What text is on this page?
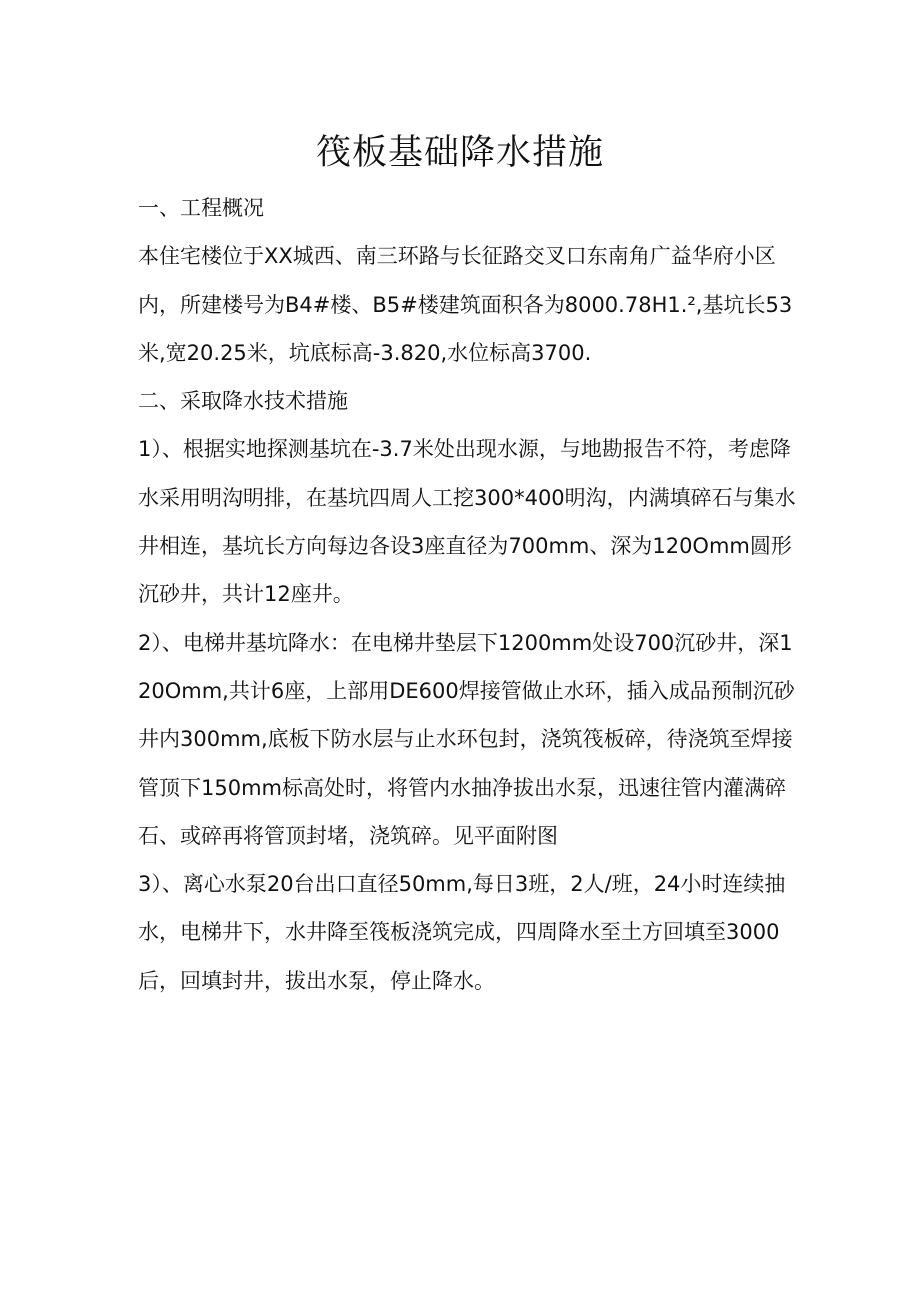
筏板基础降水措施

一、工程概况

本住宅楼位于XX城西、南三环路与长征路交叉口东南角广益华府小区内，所建楼号为B4#楼、B5#楼建筑面积各为8000.78H1.²,基坑长53米,宽20.25米，坑底标高-3.820,水位标高3700.

二、采取降水技术措施

1）、根据实地探测基坑在-3.7米处出现水源，与地勘报告不符，考虑降水采用明沟明排，在基坑四周人工挖300*400明沟，内满填碎石与集水井相连，基坑长方向每边各设3座直径为700mm、深为120Omm圆形沉砂井，共计12座井。

2）、电梯井基坑降水：在电梯井垫层下1200mm处设700沉砂井，深120Omm,共计6座，上部用DE600焊接管做止水环，插入成品预制沉砂井内300mm,底板下防水层与止水环包封，浇筑筏板碎，待浇筑至焊接管顶下150mm标高处时，将管内水抽净拔出水泵，迅速往管内灌满碎石、或碎再将管顶封堵，浇筑碎。见平面附图

3）、离心水泵20台出口直径50mm,每日3班，2人/班，24小时连续抽水，电梯井下，水井降至筏板浇筑完成，四周降水至土方回填至3000后，回填封井，拔出水泵，停止降水。
